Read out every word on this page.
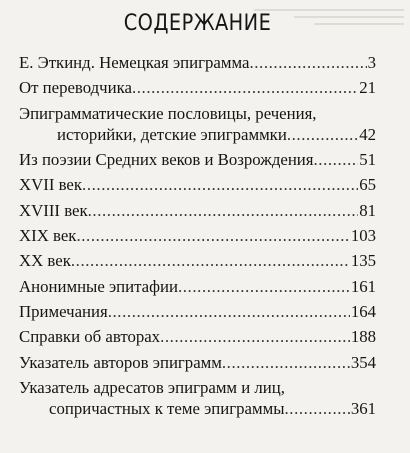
СОДЕРЖАНИЕ
Е. Эткинд. Немецкая эпиграмма .....	3
От переводчика .....	21
Эпиграмматические пословицы, речения,
историйки, детские эпиграммки .....	42
Из поэзии Средних веков и Возрождения .....	51
XVII век .....	65
XVIII век .....	81
XIX век .....	103
XX век .....	135
Анонимные эпитафии .....	161
Примечания .....	164
Справки об авторах .....	188
Указатель авторов эпиграмм .....	354
Указатель адресатов эпиграмм и лиц,
сопричастных к теме эпиграммы .....	361
